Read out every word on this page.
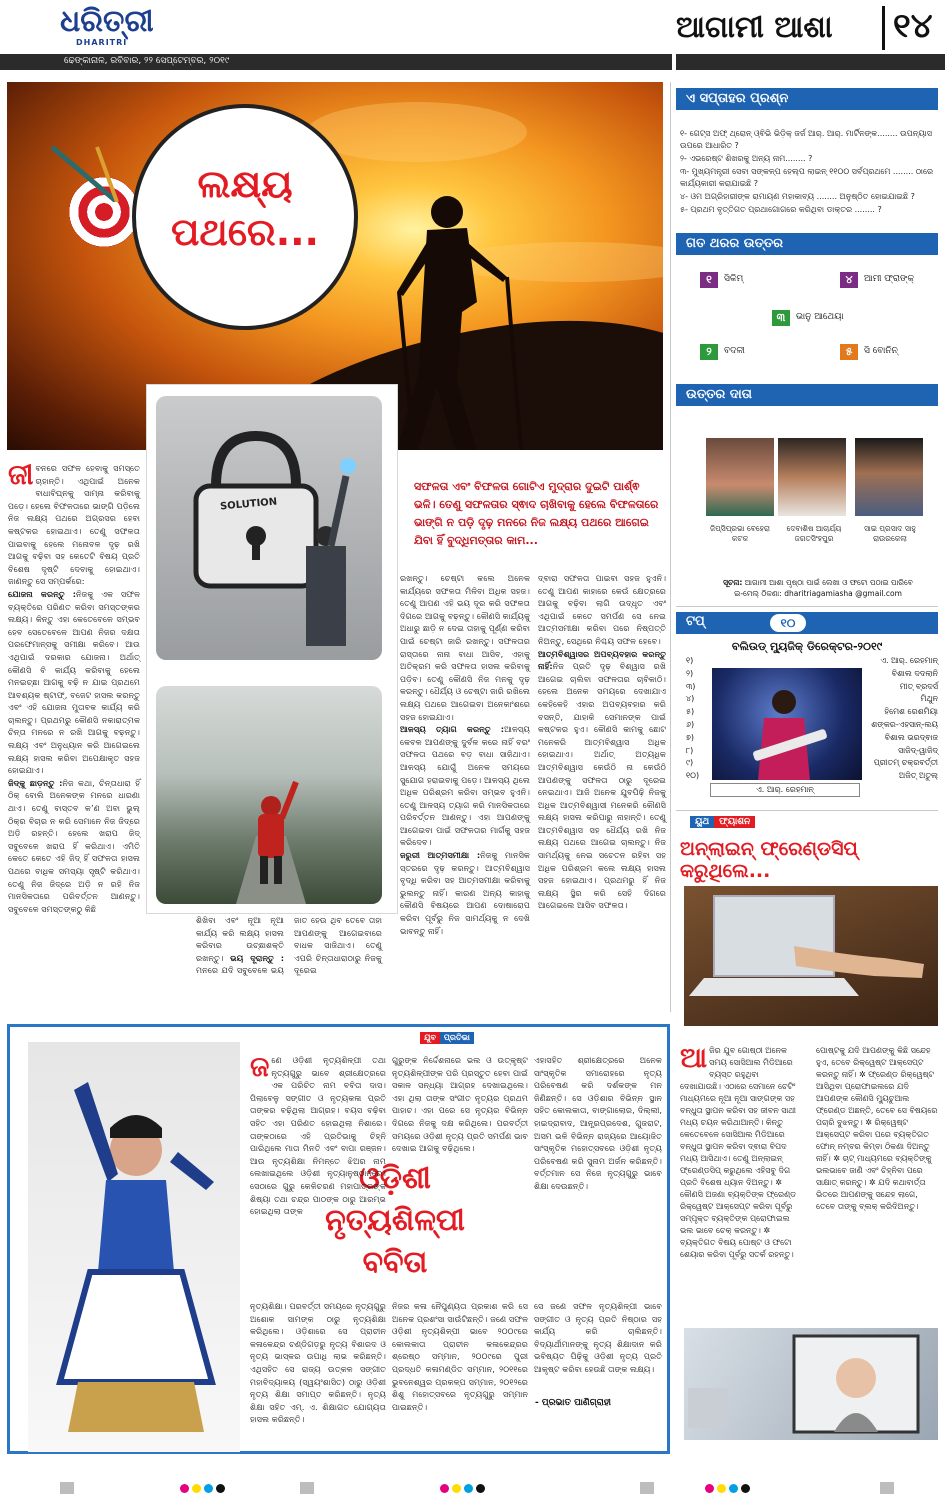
ଧରିତ୍ରୀ
DHARITRI	ଆଗାମୀ ଆଶା	୧୪
ଢେଙ୍କାନାଳ, ରବିବାର, ୨୨ ସେପ୍ଟେମ୍ବର, ୨୦୧୯
ଲକ୍ଷ୍ୟ
ପଥରେ...
SOLUTION
ସଫଳତା ଏବଂ ବିଫଳତା ଗୋଟିଏ ମୁଦ୍ରାର ଦୁଇଟି ପାର୍ଶ୍ଵ ଭଳି। ତେଣୁ ସଫଳତାର ସ୍ଵାଦ ଚାଖିବାକୁ ହେଲେ ବିଫଳତାରେ ଭାଙ୍ଗି ନ ପଡ଼ି ଦୃଢ଼ ମନରେ ନିଜ ଲକ୍ଷ୍ୟ ପଥରେ ଆଗେଇ ଯିବା ହିଁ ବୁଦ୍ଧିମତ୍ତାର କାମ...

ଜୀବନରେ ସଫଳ ହେବାକୁ ସମସ୍ତେ ଚାହାନ୍ତି। ଏଥିପାଇଁ ଅନେକ ବାଧାବିଘ୍ନକୁ ସାମ୍ନା କରିବାକୁ ପଡ଼େ। ହେଲେ ବିଫଳତାରେ ଭାଙ୍ଗି ପଡ଼ିଲେ ନିଜ ଲକ୍ଷ୍ୟ ପଥରେ ଅଗ୍ରସର ହେବା କଷ୍ଟକର ହୋଇଥାଏ। ତେଣୁ ସଫଳତା ପାଇବାକୁ ହେଲେ ମନୋବଳ ଦୃଢ଼ ରଖି ଆଗକୁ ବଢ଼ିବା ସହ କେତେଟି ବିଷୟ ପ୍ରତି ବିଶେଷ ଦୃଷ୍ଟି ଦେବାକୁ ହୋଇଥାଏ। ଜାଣନ୍ତୁ ସେ ସମ୍ପର୍କରେ:

ଯୋଜନା କରନ୍ତୁ :ନିଜକୁ ଏକ ସଫଳ ବ୍ୟକ୍ତିରେ ପରିଣତ କରିବା ସମସ୍ତଙ୍କର ଲକ୍ଷ୍ୟ। କିନ୍ତୁ ଏହା କେତେବେଳେ ସମ୍ଭବ ହେବ ସେତେବେଳେ ଆପଣ ନିଜର ଦକ୍ଷତା ପରଫେମାନ୍ସକୁ ସମୀକ୍ଷା କରିବେ। ଆଉ ଏଥିପାଇଁ ଦରକାର ଯୋଜନା। ଅର୍ଥାତ୍ କୌଣସି ବି କାର୍ଯ୍ୟ କରିବାକୁ ହେଲେ ମନଇଚ୍ଛା ଆଗକୁ ବଢ଼ି ନ ଯାଇ ପ୍ରଥମେ ଆବଶ୍ୟକ ଷ୍ଟାଫ୍, ବଜେଟ ହାସଲ କରନ୍ତୁ ଏବଂ ଏହି ଯୋଜନା ମୁତାବକ କାର୍ଯ୍ୟ କରି ଚାଲନ୍ତୁ। ପ୍ରଥମରୁ କୌଣସି ନକାରାତ୍ମକ ଚିନ୍ତା ମନରେ ନ ରଖି ଆଗକୁ ବଢ଼ନ୍ତୁ। ଲକ୍ଷ୍ୟ ଏବଂ ଅନୁଧ୍ୟାନ କରି ଆଗେଇଲେ ଲକ୍ଷ୍ୟ ହାସଲ କରିବା ଅପେକ୍ଷାକୃତ ସହଜ ହୋଇଯାଏ।

ଜିଦ୍‌କୁ ଛାଡ଼ନ୍ତୁ :ନିଜ କଥା, ଚିନ୍ତାଧାରା ହିଁ ଠିକ୍ ବୋଲି ଅନେକଙ୍କ ମନରେ ଧାରଣା ଥାଏ। ତେଣୁ ବାସ୍ତବ କ’ଣ ଅବା ଭୁଲ୍ ଠିକ୍ର ବିଚାର ନ କରି ସେମାନେ ନିଜ ଜିଦ୍‌ରେ ଅଡ଼ି ରହନ୍ତି। ହେଲେ ଖରାପ ଜିଦ୍ ସବୁବେଳେ ଖରାପ ହିଁ କରିଥାଏ। ଏମିତି କେତେ କେତେ ଏହି ଜିଦ୍ ହିଁ ସଫଳତା ହାସଲ ପଥରେ ବାଧିକ ସମସ୍ୟା ସୃଷ୍ଟି କରିଥାଏ। ତେଣୁ ନିଜ ଜିଦ୍‌ରେ ଅଡ଼ି ନ ରହି ନିଜ ମାନସିକତାରେ ପରିବର୍ତ୍ତନ ଆଣନ୍ତୁ। ସବୁବେଳେ ସମସ୍ତଙ୍କଠୁ କିଛି

ଶିଖିବା ଏବଂ ନୂଆ ନୂଆ କାର୍ଯ୍ୟ କରି ଲକ୍ଷ୍ୟ ହାସଲ କରିବାର ଉଚ୍ଛାଶକ୍ତି ରଖନ୍ତୁ। ଭୟ ଦୂରାନ୍ତୁ : ମନରେ ଯଦି ସବୁବେଳେ ଭୟ ଜାତ ହେଉ ଥିବ ତେବେ ତାହା ଆପଣଙ୍କୁ ଆଗେଇବାରେ ବାଧକ ସାଜିଥାଏ। ତେଣୁ ଏପରି ଚିନ୍ତାଧାରାଠାରୁ ନିଜକୁ ଦୂରେଇ

ରଖନ୍ତୁ। ଚେଷ୍ଟା କଲେ ଅନେକ କାର୍ଯ୍ୟରେ ସଫଳତା ମିଳିବା ଅଧିକ ସହଜ। ତେଣୁ ଆପଣ ଏହି ଭୟ ଦୂର କରି ସଫଳତା ଦିଗରେ ଆଗକୁ ବଢ଼ନ୍ତୁ। କୌଣସି କାର୍ଯ୍ୟକୁ ଅଧାରୁ ଛାଡ଼ି ନ ଦେଇ ତାହାକୁ ପୂର୍ଣ୍ଣ କରିବା ପାଇଁ ଚେଷ୍ଟା ଜାରି ରଖନ୍ତୁ। ସଫଳତାର ରାସ୍ତାରେ ନାନା ବାଧା ଆସିବ, ଏହାକୁ ଅତିକ୍ରମ କରି ସଫଳତା ହାସଲ କରିବାକୁ ପଡ଼ିବ। ତେଣୁ କୌଣସି ନିଜ ମନକୁ ଦୃଢ଼ କରନ୍ତୁ। ଧୈର୍ଯ୍ୟ ଓ ଚେଷ୍ଟା ଜାରି ରଖିଲେ ଲକ୍ଷ୍ୟ ପଥରେ ଆଗେଇବା ଅନେକାଂଶରେ ସହଜ ହୋଇଯାଏ।

ଆଳସ୍ୟ ତ୍ୟାଗ କରନ୍ତୁ :ଆଳସ୍ୟ କେବଳ ଆପଣଙ୍କୁ ଦୁର୍ବଳ କରେ ନାହିଁ ବରଂ ସଫଳତା ପଥରେ ବଡ଼ ବାଧା ସାଜିଥାଏ। ଆଳସ୍ୟ ଯୋଗୁଁ ଅନେକ ସମୟରେ ସୁଯୋଗ ହରାଇବାକୁ ପଡ଼େ। ଆଳସ୍ୟ ଥିଲେ ଅଧିକ ପରିଶ୍ରମ କରିବା ସମ୍ଭବ ହୁଏନି। ତେଣୁ ଆଳସ୍ୟ ତ୍ୟାଗ କରି ମାନସିକତାରେ ପରିବର୍ତ୍ତନ ଆଣନ୍ତୁ। ଏହା ଆପଣଙ୍କୁ ଆଗେଇବା ପାଇଁ ସଫଳତାର ମାର୍ଗକୁ ସହଜ କରିଦେବ।

ଜରୁରୀ ଆତ୍ମସମୀକ୍ଷା :ନିଜକୁ ମାନସିକ ସ୍ତରରେ ଦୃଢ଼ କରନ୍ତୁ। ଆତ୍ମବିଶ୍ୱାସ ବୃଦ୍ଧି କରିବା ସହ ଆତ୍ମସମୀକ୍ଷା କରିବାକୁ ଭୁଲନ୍ତୁ ନାହିଁ। କାରଣ ଅନ୍ୟ କାହାକୁ କୌଣସି ବିଷୟରେ ଆପଣ ଦୋଷାରୋପ କରିବା ପୂର୍ବରୁ ନିଜ ସାମର୍ଥ୍ୟକୁ ନ ଦେଖି ଭାବନ୍ତୁ ନାହିଁ।

ଦ୍ବାରା ସଫଳତା ପାଇବା ସହଜ ହୁଏନି। ତେଣୁ ଆପଣ କାହାରେ କେଉଁ କ୍ଷେତ୍ରରେ ଆଗକୁ ବଢ଼ିବା ଲାଗି ଉଦ୍ଧୃତ ଏବଂ ଏଥିପାଇଁ କେତେ ସମର୍ପଣ ସେ ନେଇ ଆତ୍ମସମୀକ୍ଷା କରିବା ପରେ ନିଷ୍ପତ୍ତି ନିଅନ୍ତୁ, ସେଥିରେ ନିଶ୍ଚୟ ସଫଳ ହେବେ।

ଆତ୍ମବିଶ୍ୱାସର ଅପବ୍ୟବହାର କରନ୍ତୁ ନାହିଁ:ନିଜ ପ୍ରତି ଦୃଢ଼ ବିଶ୍ୱାସ ରଖି ଆଗେଇ ଚାଲିବା ସଫଳତାର ଚାବିକାଠି। ହେଲେ ଅନେକ ସମୟରେ ଦେଖାଯାଏ କେହିକେହି ଏହାର ଅପବ୍ୟବହାର କରି ବସନ୍ତି, ଯାହାକି ସେମାନଙ୍କ ପାଇଁ କଷ୍ଟକର ହୁଏ। କୌଣସି କାମକୁ ଛୋଟ ମନେକରି ଆତ୍ମବିଶ୍ୱାସ ଅଧିକ ହୋଇଥାଏ। ଅର୍ଥାତ୍ ଅତ୍ୟଧିକ ଆତ୍ମବିଶ୍ୱାସ କେଉଁଠି ନା କେଉଁଠି ଆପଣଙ୍କୁ ସଫଳତା ଠାରୁ ଦୂରେଇ ନେଇଥାଏ। ଆଜି ଅନେକ ଯୁବପିଢ଼ି ନିଜକୁ ଅଧିକ ଆତ୍ମବିଶ୍ୱାସୀ ମନେକରି କୌଣସି ଲକ୍ଷ୍ୟ ହାସଲ କରିପାରୁ ନାହାନ୍ତି। ତେଣୁ ଆତ୍ମବିଶ୍ୱାସ ସହ ଧୈର୍ଯ୍ୟ ରଖି ନିଜ ଲକ୍ଷ୍ୟ ପଥରେ ଆଗେଇ ଚାଲନ୍ତୁ। ନିଜ ସାମର୍ଥ୍ୟକୁ ନେଇ ସଚେତନ ରହିବା ସହ ଅଧିକ ପରିଶ୍ରମ କଲେ ଲକ୍ଷ୍ୟ ହାସଲ ସହଜ ହୋଇଥାଏ। ପ୍ରଥମରୁ ହିଁ ନିଜ ଲକ୍ଷ୍ୟ ସ୍ଥିର କରି ସେହି ଦିଗରେ ଆଗେଇଲେ ଆସିବ ସଫଳତା।

ଏ ସପ୍ତାହର ପ୍ରଶ୍ନ
୧- ଗେଟ୍ସ ଅଫ୍ ଥ୍ରୋନ୍ ଓ୍ଵିଭି ଭିଡ଼ିକ୍ ଜର୍ଜ ଆର୍. ଆର୍. ମାର୍ଟିନଙ୍କ........ ଉପନ୍ୟାସ ଉପରେ ଆଧାରିତ ?
୨- ଏଭରେଷ୍ଟ ଶିଖରକୁ ଅନ୍ୟ ନାମ........ ?
୩- ମୁଖ୍ୟମନ୍ତ୍ରୀ ସେବା ସଙ୍କଳ୍ପ ହେଲ୍ପ ଲାଇନ୍ ୧୧୦୦ ସର୍ବପ୍ରଥମେ ........ ଠାରେ କାର୍ଯ୍ୟକାରୀ କରାଯାଇଛି ?
୪- ଓମ ଅଗ୍ରିହାରୀଙ୍କ ରାମାୟଣ ମହାକାବ୍ୟ ........ ଅନୁଷ୍ଠିତ ହୋଇଯାଇଛି ?
୫- ପ୍ରଥମ ବୃତ୍ତିଗତ ପ୍ରଥାଗୋଗରେ କରିଥିବା ଡାକ୍ତର ........ ?
ଗତ ଥରର ଉତ୍ତର
୧	ସିକିମ୍
୨	ବଦଳୀ
୩	ଭାନୁ ଆଥେୟା
୪	ଆମୀ ଫ୍ରାଙ୍କ୍
୫	ସି ବୋନିନ୍
ଉତ୍ତର ଦାତା
ଜିପ୍ସିପ୍ରଭା ବେହେରା
କଟକ
ଦେବାଶିଷ ଆଚାର୍ଯ୍ୟ
ଜଗତସିଂହପୁର
ସାଇ ପ୍ରସାଦ ସାହୁ
ରାଉରକେଲା
ସୂଚନା: ଆଗାମୀ ଆଶା ପୃଷ୍ଠା ପାଇଁ ଲେଖା ଓ ଫଟୋ ପଠାଇ ପାରିବେ
ଇ-ମେଲ୍ ଠିକଣା: dharitriagamiasha @gmail.com
ଟପ୍	୧୦
ବଲିଉଡ୍ ମ୍ୟୁଜିକ୍ ଡିରେକ୍ଟର-୨୦୧୯
୧)	ଏ. ଆର୍. ରେହମାନ୍
୨)	ବିଶାଲ ଦଦଲାନି
୩)	ମୀତ୍ ବ୍ରଦର୍ସ
୪)	ମିଥୁନ
୫)	ହିମେଶ ରେଶମିୟା
୬)	ଶଙ୍କର-ଏହସାନ୍-ଲୟ
୭)	ବିଶାଲ ଭରଦ୍ଵାଜ
୮)	ସାଜିଦ୍-ୱାଜିଦ୍
୯)	ପ୍ରୀତମ୍ ଚକ୍ରବର୍ତ୍ତୀ
୧୦)	ଅଜିତ୍ ଅତୁଲ୍
ଏ. ଆର୍. ରେହମାନ୍
ୟୁଥ ଫ୍ୟାଶନ
ଅନ୍‌ଲାଇନ୍ ଫ୍ରେଣ୍ଡସିପ୍ କରୁଥିଲେ...
ଆଜିର ଯୁବ ଗୋଷ୍ଠୀ ଅନେକ ସମୟ ସୋସିଆଲ ମିଡିଆରେ ବ୍ୟସ୍ତ ରହୁଥିବା ଦେଖାଯାଉଛି। ଏଠାରେ ସେମାନେ ଚେଟିଂ ମାଧ୍ୟମରେ ନୂଆ ନୂଆ ସାଙ୍ଗଙ୍କ ସହ ବନ୍ଧୁତା ସ୍ଥାପନ କରିବା ସହ ଜୀବନ ସାଥୀ ମଧ୍ୟ ଚୟନ କରିଥାଆନ୍ତି। କିନ୍ତୁ କେତେବେଳେ ସୋସିଆଲ ମିଡିଆରେ ବନ୍ଧୁତା ସ୍ଥାପନ କରିବା ଦ୍ଵାରା ବିପଦ ମଧ୍ୟ ଆସିଥାଏ। ତେଣୁ ଅନ୍‌ଲାଇନ୍ ଫ୍ରେଣ୍ଡସିପ୍ କରୁଥିଲେ ଏହିସବୁ ଦିଗ ପ୍ରତି ବିଶେଷ ଧ୍ୟାନ ଦିଅନ୍ତୁ। ✲ କୌଣସି ଅଜଣା ବ୍ୟକ୍ତିଙ୍କ ଫ୍ରେଣ୍ଡ ରିକ୍ୱେଷ୍ଟ ଆକ୍ସେପ୍ଟ କରିବା ପୂର୍ବରୁ ସମ୍ପୃକ୍ତ ବ୍ୟକ୍ତିଙ୍କ ପ୍ରୋଫାଇଲ ଭଲ ଭାବେ ଚେକ୍ କରନ୍ତୁ। ✲ ବ୍ୟକ୍ତିଗତ ବିଷୟ ପୋଷ୍ଟ ଓ ଫଟୋ ଶେୟାର କରିବା ପୂର୍ବରୁ ସତର୍କ ରହନ୍ତୁ।
ପୋଷ୍ଟକୁ ଯଦି ଆପଣଙ୍କୁ କିଛି ସନ୍ଦେହ ହୁଏ, ତେବେ ରିକ୍ୱେଷ୍ଟ ଆକ୍ସେପ୍ଟ କରନ୍ତୁ ନାହିଁ। ✲ ଫ୍ରେଣ୍ଡ ରିକ୍ୱେଷ୍ଟ ଆସିଥିବା ପ୍ରୋଫାଇଲରେ ଯଦି ଆପଣଙ୍କ କୌଣସି ମ୍ୟୁଚୁଆଲ ଫ୍ରେଣ୍ଡ ଅଛନ୍ତି, ତେବେ ସେ ବିଷୟରେ ପଚାରି ବୁଝନ୍ତୁ। ✲ ରିକ୍ୱେଷ୍ଟ ଆକ୍ସେପ୍ଟ କରିବା ପରେ ବ୍ୟକ୍ତିଗତ ଫୋନ୍ ନମ୍ବର କିମ୍ବା ଠିକଣା ଦିଅନ୍ତୁ ନାହିଁ। ✲ ଚାଟ୍ ମାଧ୍ୟମରେ ବ୍ୟକ୍ତିଙ୍କୁ ଭଲଭାବେ ଜାଣି ଏବଂ ଚିହ୍ନିବା ପରେ ସାକ୍ଷାତ୍ କରନ୍ତୁ। ✲ ଯଦି କଥାବାର୍ତ୍ତା ଭିତରେ ଆପଣଙ୍କୁ ସନ୍ଦେହ ଲାଗେ, ତେବେ ତାଙ୍କୁ ବ୍ଲକ୍ କରିଦିଅନ୍ତୁ।
ଯୁବ ପ୍ରତିଭା
ଓଡ଼ିଶୀ
ନୃତ୍ୟଶିଳ୍ପୀ
ବବିତା
ଜଣେ ଓଡ଼ିଶୀ ନୃତ୍ୟଶିଳ୍ପୀ ତଥା ନୃତ୍ୟଗୁରୁ ଭାବେ ଶ୍ରୀକ୍ଷେତ୍ରରେ ଏକ ପରିଚିତ ନାମ ବବିତା ଦାସ। ପିଲାବେଳୁ ସଙ୍ଗୀତ ଓ ନୃତ୍ୟକଳା ପ୍ରତି ତାଙ୍କର ବଢ଼ିଥିଲା ଆଗ୍ରହ। ବୟସ ବଢ଼ିବା ସହିତ ଏହା ପରିଣତ ହୋଇଥିଲା ନିଶାରେ। ତାଙ୍କଠାରେ ଏହି ପ୍ରତିଭାକୁ ଚିହ୍ନି ପାରିଥିଲେ ମାତା ମିନତି ଏବଂ ବାପା ରଞ୍ଜନ। ଆଉ ନୃତ୍ୟଶିକ୍ଷା ନିମନ୍ତେ ଝିଅର ନାମ ଲେଖାଇଥିଲେ ଓଡ଼ିଶୀ ନୃତ୍ୟାନୁଷ୍ଠାନରେ। ସେଠାରେ ଗୁରୁ କେଳିଚରଣ ମହାପାତ୍ରଙ୍କ ଶିଷ୍ୟା ତଥା ଚନ୍ଦ୍ର ପାଠଙ୍କ ଠାରୁ ଆରମ୍ଭ ହୋଇଥିଲା ତାଙ୍କ
ଗୁରୁଙ୍କ ନିର୍ଦ୍ଦେଶନାରେ ଭଲ ଓ ଉତ୍କୃଷ୍ଟ ନୃତ୍ୟଶିଳ୍ପୀଙ୍କ ପରି ପ୍ରସ୍ତୁତ ହେବା ପାଇଁ ସକାଳ ସନ୍ଧ୍ୟା ଆଗ୍ରହ ଦେଖାଇଥିଲେ। ଏହା ଥିଲା ତାଙ୍କ ସଂଗୀତ ନୃତ୍ୟର ପ୍ରଥମ ପାହାଚ। ଏହା ପରେ ସେ ନୃତ୍ୟର ବିଭିନ୍ନ ଦିଗରେ ନିଜକୁ ଦକ୍ଷ କରିଥିଲେ। ପରବର୍ତ୍ତୀ ସମୟରେ ଓଡ଼ିଶୀ ନୃତ୍ୟ ପ୍ରତି ସମର୍ପଣ ଭାବ ଦେଖାଇ ଆଗକୁ ବଢ଼ିଥିଲେ।
ଏହାସହିତ ଶ୍ରୀକ୍ଷେତ୍ରରେ ଅନେକ ସାଂସ୍କୃତିକ ସମାରୋହରେ ନୃତ୍ୟ ପରିବେଷଣ କରି ଦର୍ଶକଙ୍କ ମନ ଜିଣିଛନ୍ତି। ସେ ଓଡ଼ିଶାର ବିଭିନ୍ନ ସ୍ଥାନ ସହିତ କୋଲକାତା, ବାଙ୍ଗାଲୋର, ଦିଲ୍ଲୀ, ହାଇଦ୍ରାବାଦ, ଆନ୍ଧ୍ରପ୍ରଦେଶ, ଗୁଜରାଟ, ଅସମ ଭଳି ବିଭିନ୍ନ ରାଜ୍ୟରେ ଆୟୋଜିତ ସାଂସ୍କୃତିକ ମହୋତ୍ସବରେ ଓଡ଼ିଶୀ ନୃତ୍ୟ ପରିବେଷଣ କରି ସୁନାମ ଅର୍ଜନ କରିଛନ୍ତି। ବର୍ତ୍ତମାନ ସେ ନିଜେ ନୃତ୍ୟଗୁରୁ ଭାବେ ଶିକ୍ଷା ଦେଉଛନ୍ତି।
ନୃତ୍ୟଶିକ୍ଷା। ପରବର୍ତ୍ତୀ ସମୟରେ ନୃତ୍ୟଗୁରୁ ଅଶୋକ ସାମଙ୍କ ଠାରୁ ନୃତ୍ୟଶିକ୍ଷା କରିଥିଲେ। ଓଡ଼ିଶାରେ ସେ ପ୍ରାଚୀନ କଳାକେନ୍ଦ୍ର ଚଣ୍ଡିଗଡ଼ରୁ ନୃତ୍ୟ ବିଶାରଦ ଓ ନୃତ୍ୟ ଭାସ୍କର ଉପାଧି ଲାଭ କରିଛନ୍ତି। ଏଥିସହିତ ସେ ରାଜ୍ୟ ଉତ୍କଳ ସଙ୍ଗୀତ ମହାବିଦ୍ୟାଳୟ (ସ୍ୱୟଂଶାସିତ) ଠାରୁ ଓଡ଼ିଶୀ ନୃତ୍ୟ ଶିକ୍ଷା ସମାପ୍ତ କରିଛନ୍ତି। ନୃତ୍ୟ ଶିକ୍ଷା ସହିତ ଏମ୍. ଏ. ଶିକ୍ଷାଗତ ଯୋଗ୍ୟତା ହାସଲ କରିଛନ୍ତି।
ନିଜର କଳା ନୈପୁଣ୍ୟତା ପ୍ରକାଶ କରି ସେ ଅନେକ ପ୍ରଶଂସା ସାଉଁଟିଛନ୍ତି। ଜଣେ ସଫଳ ଓଡ଼ିଶୀ ନୃତ୍ୟଶିଳ୍ପୀ ଭାବେ ୨୦୦୯ରେ କୋଲକାତା ପ୍ରାଚୀନ କଳାକେନ୍ଦ୍ରର ଶ୍ରେଷ୍ଠ ସମ୍ମାନ, ୨୦୦୯ରେ ପୁରୀ ପ୍ରଦ୍ଧତି କଳାମଣ୍ଡିତ ସମ୍ମାନ, ୨୦୧୧ରେ ଭୁବନେଶ୍ୱର ପ୍ରକଳ୍ପ ସମ୍ମାନ, ୨୦୧୨ରେ ଶିଶୁ ମହୋତ୍ସବରେ ନୃତ୍ୟଗୁରୁ ସମ୍ମାନ ପାଇଛନ୍ତି।
ସେ ଜଣେ ସଫଳ ନୃତ୍ୟଶିଳ୍ପୀ ଭାବେ ସଙ୍ଗୀତ ଓ ନୃତ୍ୟ ପ୍ରତି ନିଷ୍ଠାର ସହ କାର୍ଯ୍ୟ କରି ଚାଲିଛନ୍ତି। ବିଦ୍ୟାର୍ଥୀମାନଙ୍କୁ ନୃତ୍ୟ ଶିକ୍ଷାଦାନ କରି ଭବିଷ୍ୟତ ପିଢ଼ିକୁ ଓଡ଼ିଶୀ ନୃତ୍ୟ ପ୍ରତି ଆକୃଷ୍ଟ କରିବା ହେଉଛି ତାଙ୍କ ଲକ୍ଷ୍ୟ।
- ପ୍ରଭାତ ପାଣିଗ୍ରାହୀ
